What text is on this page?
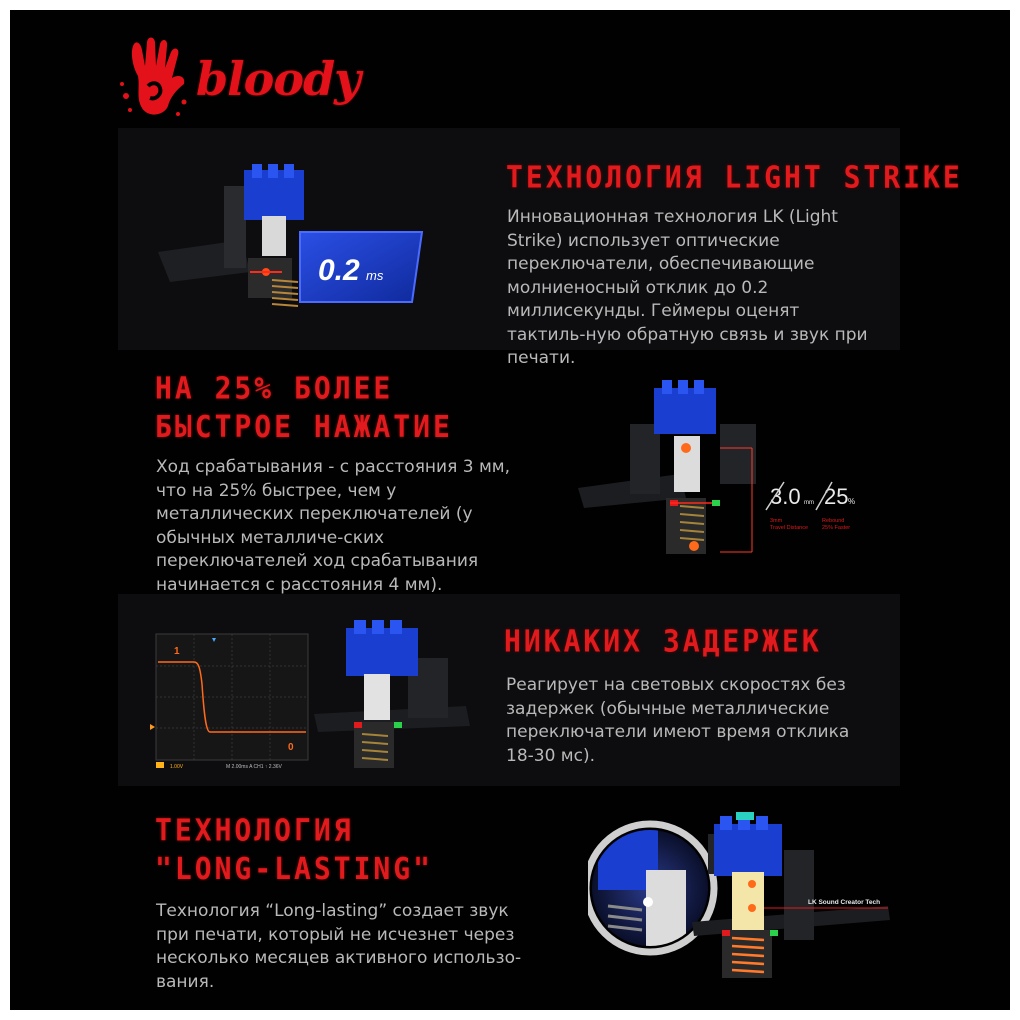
bloody
0.2 ms
ТЕХНОЛОГИЯ LIGHT STRIKE
Инновационная технология LK (Light Strike) использует оптические переключатели, обеспечивающие молниеносный отклик до 0.2 миллисекунды. Геймеры оценят тактиль-ную обратную связь и звук при печати.
НА 25% БОЛЕЕ
БЫСТРОЕ НАЖАТИЕ
Ход срабатывания - с расстояния 3 мм, что на 25% быстрее, чем у металлических переключателей (у обычных металличе-ских переключателей ход срабатывания начинается с расстояния 4 мм).
3.0 mm 25 %
3mm
Travel Distance
Rebound
25% Faster
1
0
1.00V	M 2.00ms A CH1 ↑ 2.36V
НИКАКИХ ЗАДЕРЖЕК
Реагирует на световых скоростях без задержек (обычные металлические переключатели имеют время отклика 18-30 мс).
ТЕХНОЛОГИЯ
"LONG-LASTING"
Технология “Long-lasting” создает звук при печати, который не исчезнет через несколько месяцев активного использо-вания.
LK Sound Creator Tech
